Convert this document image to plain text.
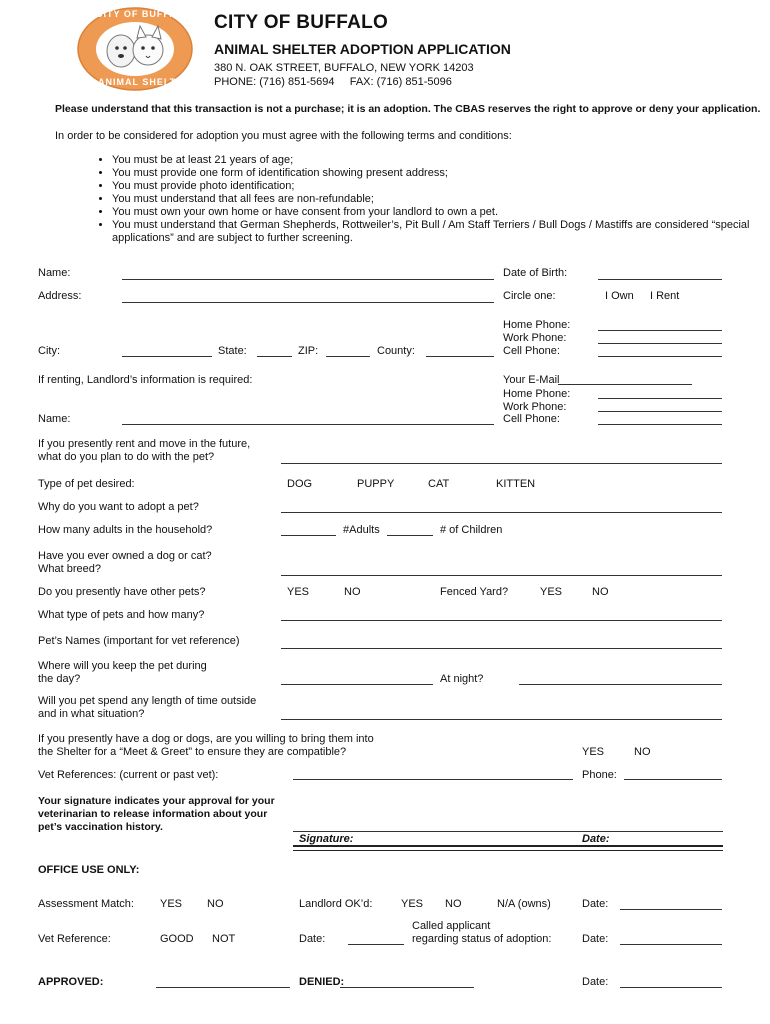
CITY OF BUFFALO
ANIMAL SHELTER
CITY OF BUFFALO
ANIMAL SHELTER ADOPTION APPLICATION
380 N. OAK STREET, BUFFALO, NEW YORK 14203
PHONE: (716) 851-5694     FAX: (716) 851-5096
Please understand that this transaction is not a purchase; it is an adoption. The CBAS reserves the right to approve or deny your application.
In order to be considered for adoption you must agree with the following terms and conditions:
• You must be at least 21 years of age;
• You must provide one form of identification showing present address;
• You must provide photo identification;
• You must understand that all fees are non-refundable;
• You must own your own home or have consent from your landlord to own a pet.
• You must understand that German Shepherds, Rottweiler’s, Pit Bull / Am Staff Terriers / Bull Dogs / Mastiffs are considered “special applications” and are subject to further screening.
Name:	Date of Birth:
Address:	Circle one:	I Own I Rent
Home Phone:
Work Phone:
City:	State:	ZIP:	County:	Cell Phone:
If renting, Landlord’s information is required:	Your E-Mail
Home Phone:
Work Phone:
Name:	Cell Phone:
If you presently rent and move in the future,
what do you plan to do with the pet?
Type of pet desired:	DOG	PUPPY	CAT	KITTEN
Why do you want to adopt a pet?
How many adults in the household?	#Adults	# of Children
Have you ever owned a dog or cat?
What breed?
Do you presently have other pets?	YES	NO	Fenced Yard?	YES	NO
What type of pets and how many?
Pet’s Names (important for vet reference)
Where will you keep the pet during
the day?	At night?
Will you pet spend any length of time outside
and in what situation?
If you presently have a dog or dogs, are you willing to bring them into
the Shelter for a “Meet & Greet” to ensure they are compatible?	YES	NO
Vet References: (current or past vet):	Phone:
Your signature indicates your approval for your veterinarian to release information about your pet’s vaccination history.
Signature:	Date:
OFFICE USE ONLY:
Assessment Match: YES NO	Landlord OK’d:	YES NO	N/A (owns)	Date:
Called applicant
Vet Reference:	GOOD NOT	Date:	regarding status of adoption:	Date:
APPROVED:	DENIED:	Date:
